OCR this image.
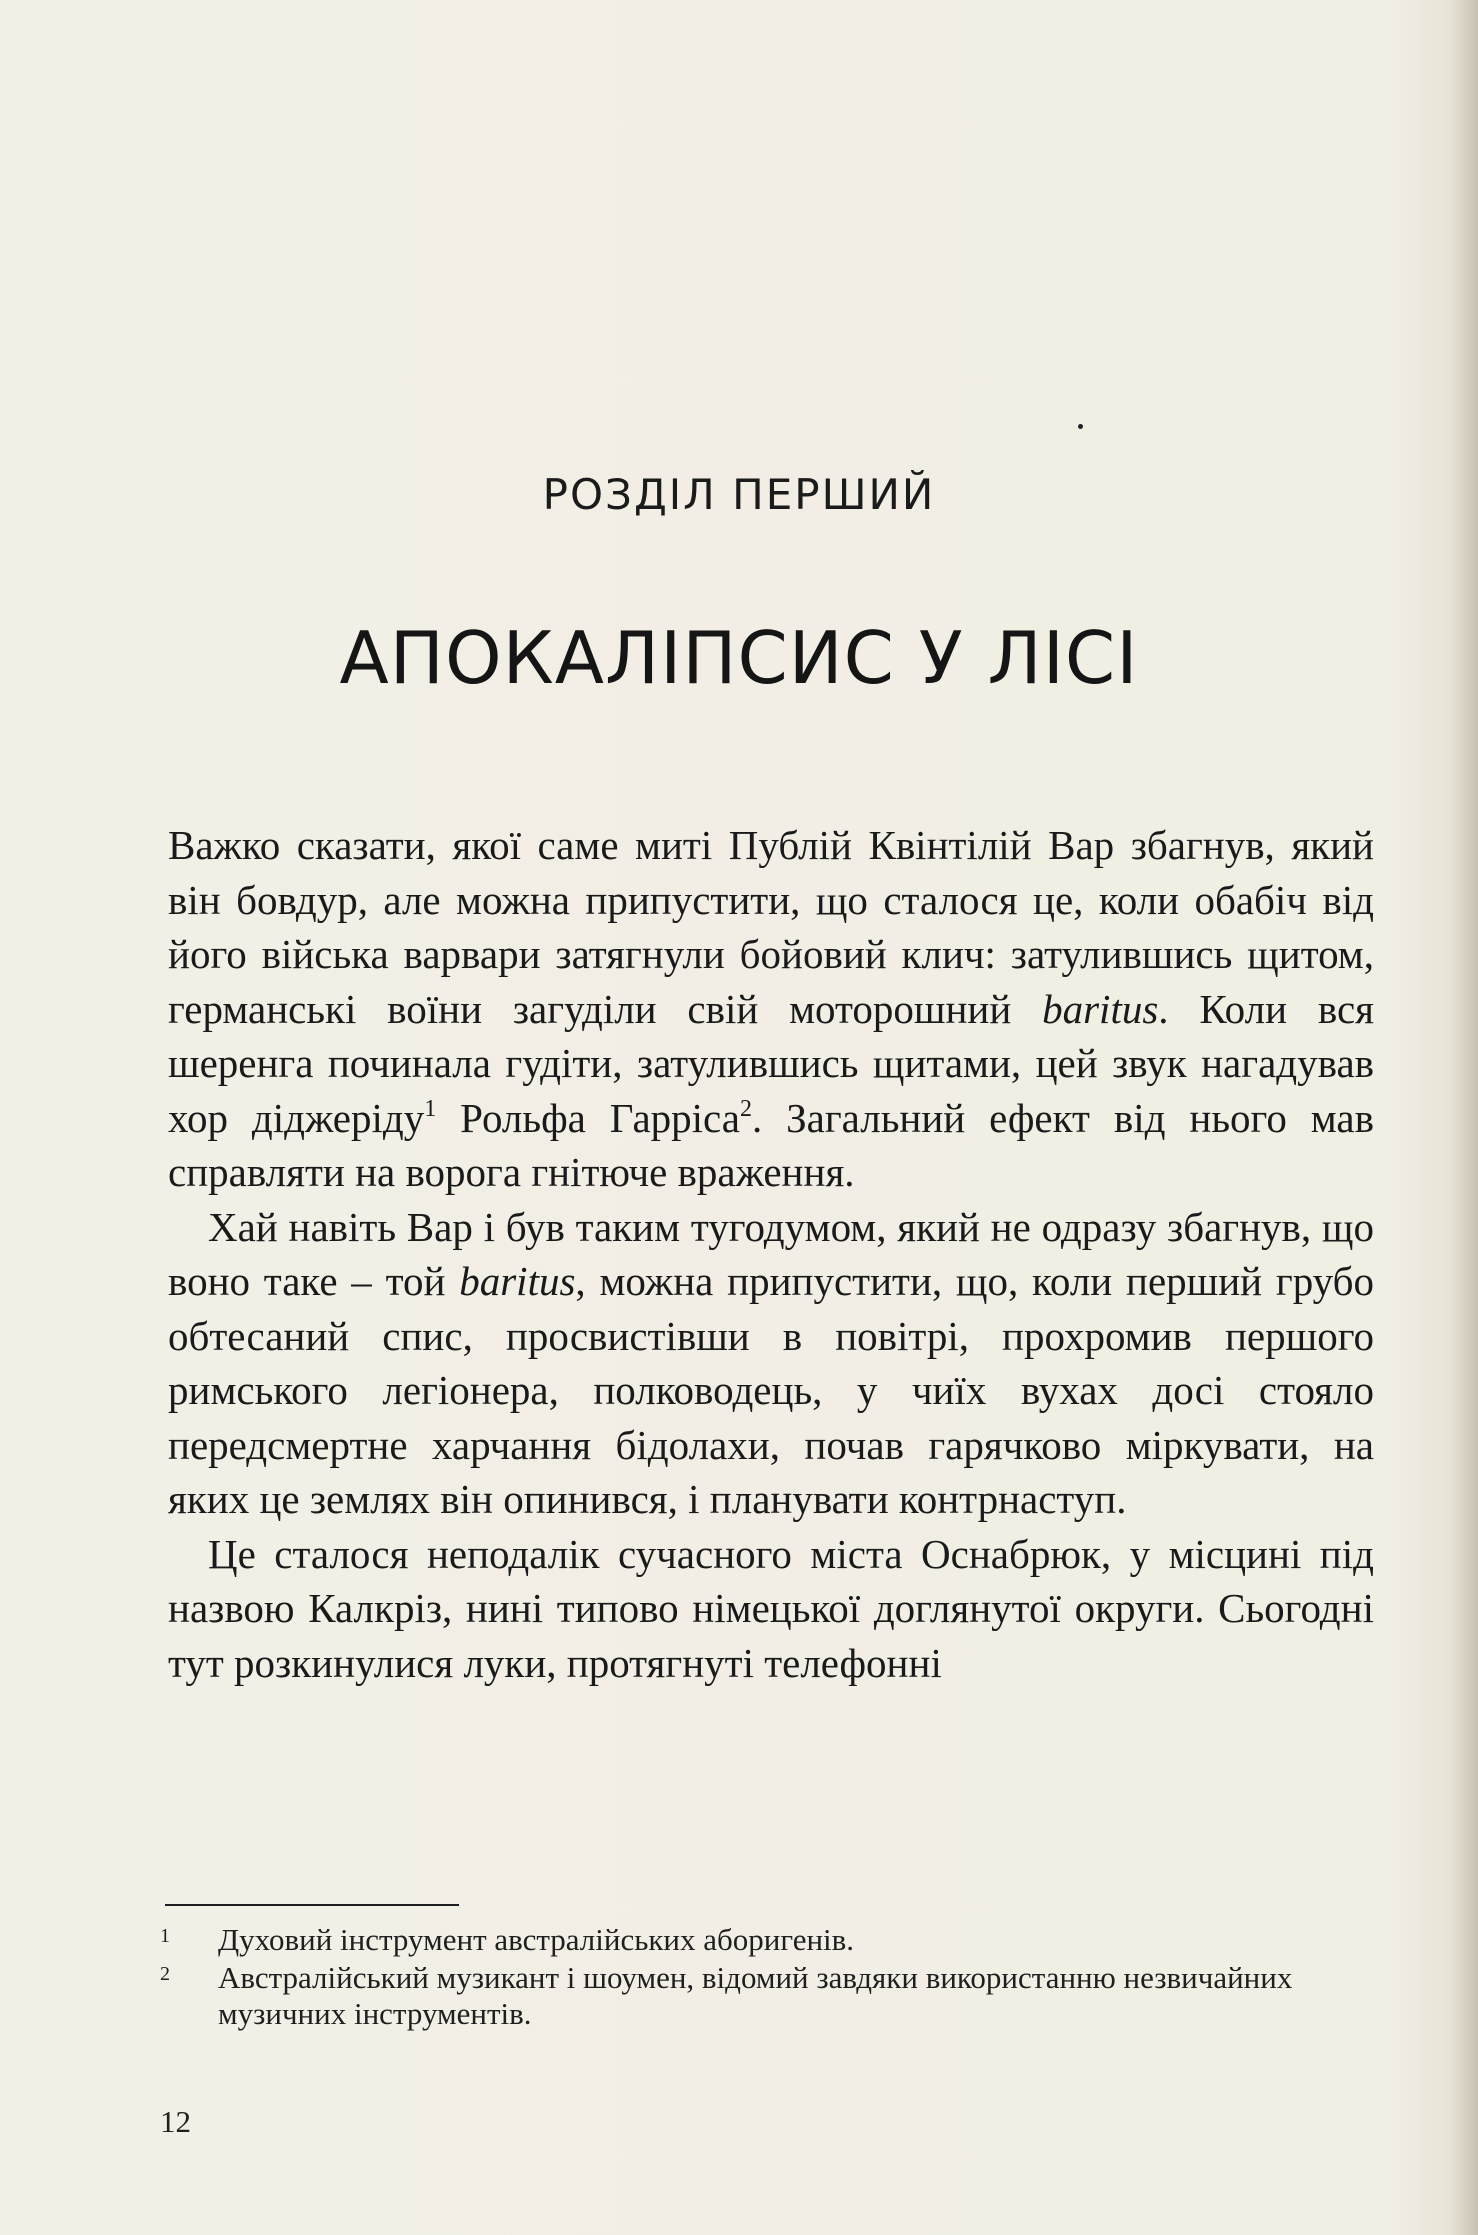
РОЗДІЛ ПЕРШИЙ
АПОКАЛІПСИС У ЛІСІ

Важко сказати, якої саме миті Публій Квінтілій Вар збагнув, який він бовдур, але можна припустити, що сталося це, коли обабіч від його війська варвари затягнули бойовий клич: затулившись щитом, германські воїни загуділи свій моторошний baritus. Коли вся шеренга починала гудіти, затулившись щитами, цей звук нагадував хор діджеріду$^1$ Рольфа Гарріса$^2$. Загальний ефект від нього мав справляти на ворога гнітюче враження.

Хай навіть Вар і був таким тугодумом, який не одразу збагнув, що воно таке – той baritus, можна припустити, що, коли перший грубо обтесаний спис, просвистівши в повітрі, прохромив першого римського легіонера, полководець, у чиїх вухах досі стояло передсмертне харчання бідолахи, почав гарячково міркувати, на яких це землях він опинився, і планувати контрнаступ.

Це сталося неподалік сучасного міста Оснабрюк, у місцині під назвою Калкріз, нині типово німецької доглянутої округи. Сьогодні тут розкинулися луки, протягнуті телефонні

1	Духовий інструмент австралійських аборигенів.
2	Австралійський музикант і шоумен, відомий завдяки використанню незвичайних музичних інструментів.
12
